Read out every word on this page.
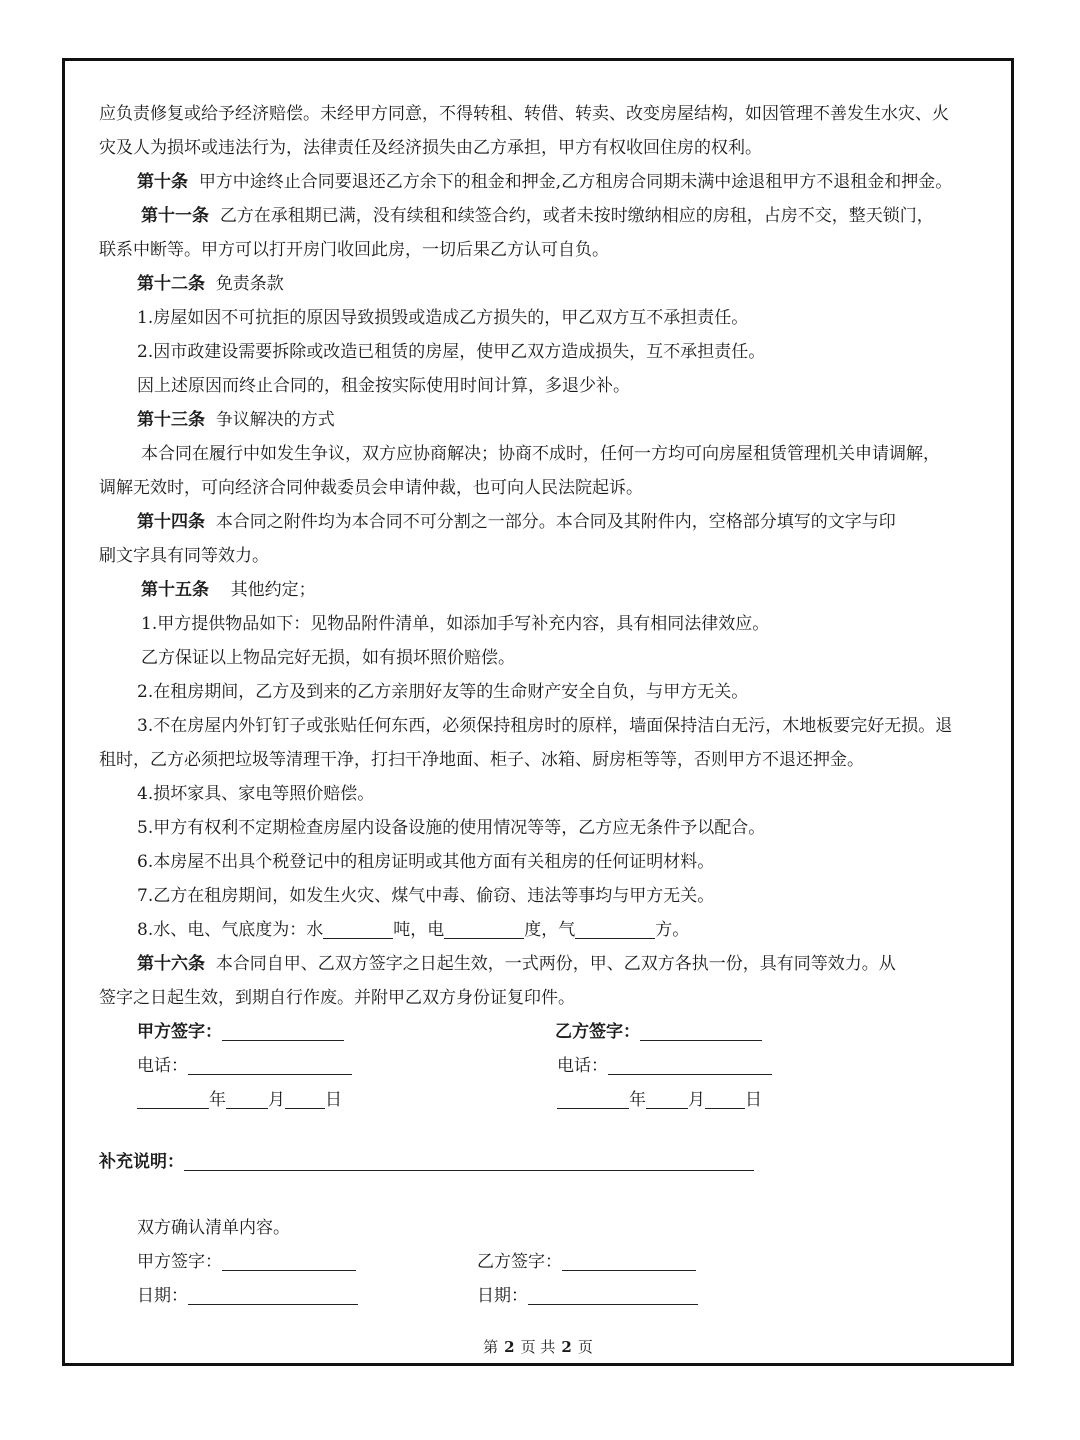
应负责修复或给予经济赔偿。未经甲方同意，不得转租、转借、转卖、改变房屋结构，如因管理不善发生水灾、火

灾及人为损坏或违法行为，法律责任及经济损失由乙方承担，甲方有权收回住房的权利。

第十条 甲方中途终止合同要退还乙方余下的租金和押金,乙方租房合同期未满中途退租甲方不退租金和押金。

第十一条 乙方在承租期已满，没有续租和续签合约，或者未按时缴纳相应的房租，占房不交，整天锁门，

联系中断等。甲方可以打开房门收回此房，一切后果乙方认可自负。

第十二条 免责条款

1.房屋如因不可抗拒的原因导致损毁或造成乙方损失的，甲乙双方互不承担责任。

2.因市政建设需要拆除或改造已租赁的房屋，使甲乙双方造成损失，互不承担责任。

因上述原因而终止合同的，租金按实际使用时间计算，多退少补。

第十三条 争议解决的方式

本合同在履行中如发生争议，双方应协商解决；协商不成时，任何一方均可向房屋租赁管理机关申请调解，

调解无效时，可向经济合同仲裁委员会申请仲裁，也可向人民法院起诉。

第十四条 本合同之附件均为本合同不可分割之一部分。本合同及其附件内，空格部分填写的文字与印

刷文字具有同等效力。

第十五条 其他约定；

1.甲方提供物品如下：见物品附件清单，如添加手写补充内容，具有相同法律效应。

乙方保证以上物品完好无损，如有损坏照价赔偿。

2.在租房期间，乙方及到来的乙方亲朋好友等的生命财产安全自负，与甲方无关。

3.不在房屋内外钉钉子或张贴任何东西，必须保持租房时的原样，墙面保持洁白无污，木地板要完好无损。退

租时，乙方必须把垃圾等清理干净，打扫干净地面、柜子、冰箱、厨房柜等等，否则甲方不退还押金。

4.损坏家具、家电等照价赔偿。

5.甲方有权利不定期检查房屋内设备设施的使用情况等等，乙方应无条件予以配合。

6.本房屋不出具个税登记中的租房证明或其他方面有关租房的任何证明材料。

7.乙方在租房期间，如发生火灾、煤气中毒、偷窃、违法等事均与甲方无关。

8.水、电、气底度为：水	吨，电	度，气	方。

第十六条 本合同自甲、乙双方签字之日起生效，一式两份，甲、乙双方各执一份，具有同等效力。从

签字之日起生效，到期自行作废。并附甲乙双方身份证复印件。

甲方签字：	乙方签字：
电话：	电话：
年 月 日	年 月 日

补充说明：

双方确认清单内容。

甲方签字：	乙方签字：
日期：	日期：
第 2 页 共 2 页
